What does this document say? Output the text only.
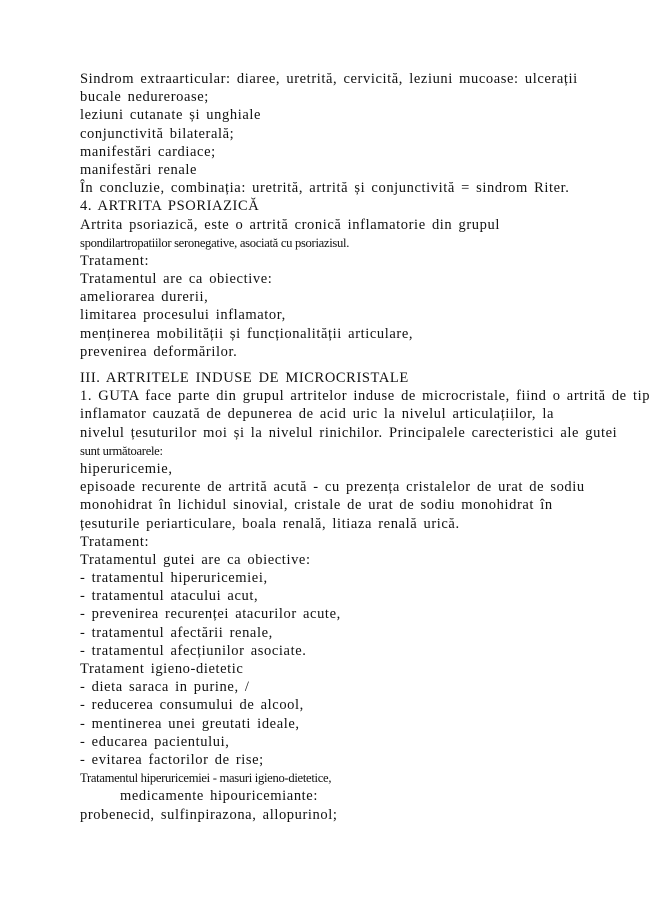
Sindrom extraarticular: diaree, uretrită, cervicită, leziuni mucoase: ulcerații
bucale nedureroase;
leziuni cutanate și unghiale
conjunctivită bilaterală;
manifestări cardiace;
manifestări renale
În concluzie, combinația: uretrită, artrită și conjunctivită = sindrom Riter.
4. ARTRITA PSORIAZICĂ
Artrita psoriazică, este o artrită cronică inflamatorie din grupul
spondilartropatiilor seronegative, asociată cu psoriazisul.
Tratament:
Tratamentul are ca obiective:
ameliorarea durerii,
limitarea procesului inflamator,
menținerea mobilității și funcționalității articulare,
prevenirea deformărilor.
III. ARTRITELE INDUSE DE MICROCRISTALE
1. GUTA face parte din grupul artritelor induse de microcristale, fiind o artrită de tip
inflamator cauzată de depunerea de acid uric la nivelul articulațiilor, la
nivelul țesuturilor moi și la nivelul rinichilor. Principalele carecteristici ale gutei
sunt următoarele:
hiperuricemie,
episoade recurente de artrită acută - cu prezența cristalelor de urat de sodiu
monohidrat în lichidul sinovial, cristale de urat de sodiu monohidrat în
țesuturile periarticulare, boala renală, litiaza renală urică.
Tratament:
Tratamentul gutei are ca obiective:
- tratamentul hiperuricemiei,
- tratamentul atacului acut,
- prevenirea recurenței atacurilor acute,
- tratamentul afectării renale,
- tratamentul afecțiunilor asociate.
Tratament igieno-dietetic
- dieta saraca in purine, /
- reducerea consumului de alcool,
- mentinerea unei greutati ideale,
- educarea pacientului,
- evitarea factorilor de rise;
Tratamentul hiperuricemiei - masuri igieno-dietetice,
medicamente hipouricemiante:
probenecid, sulfinpirazona, allopurinol;
